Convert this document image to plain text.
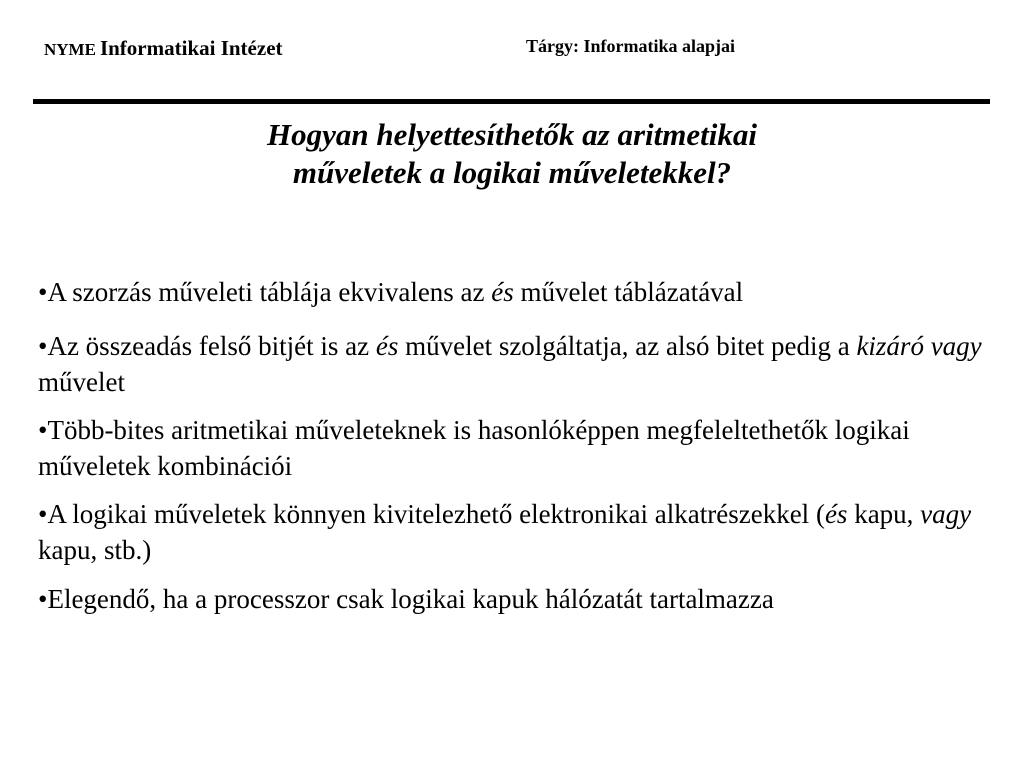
NYME Informatikai Intézet	Tárgy: Informatika alapjai
Hogyan helyettesíthetők az aritmetikai
műveletek a logikai műveletekkel?
•A szorzás műveleti táblája ekvivalens az és művelet táblázatával
•Az összeadás felső bitjét is az és művelet szolgáltatja, az alsó bitet pedig a kizáró vagy művelet
•Több-bites aritmetikai műveleteknek is hasonlóképpen megfeleltethetők logikai műveletek kombinációi
•A logikai műveletek könnyen kivitelezhető elektronikai alkatrészekkel (és kapu, vagy kapu, stb.)
•Elegendő, ha a processzor csak logikai kapuk hálózatát tartalmazza
